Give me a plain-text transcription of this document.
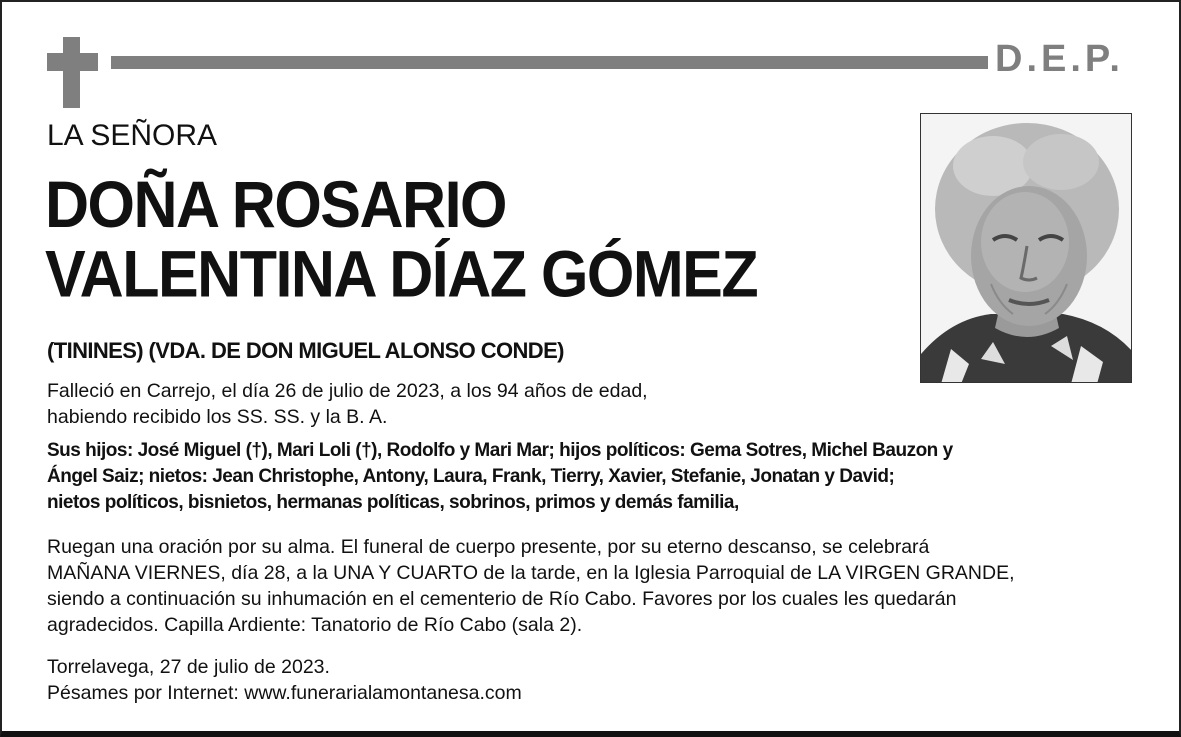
D.E.P.
LA SEÑORA
DOÑA ROSARIO
VALENTINA DÍAZ GÓMEZ
(TININES) (VDA. DE DON MIGUEL ALONSO CONDE)
Falleció en Carrejo, el día 26 de julio de 2023, a los 94 años de edad,
habiendo recibido los SS. SS. y la B. A.
Sus hijos: José Miguel (†), Mari Loli (†), Rodolfo y Mari Mar; hijos políticos: Gema Sotres, Michel Bauzon y
Ángel Saiz; nietos: Jean Christophe, Antony, Laura, Frank, Tierry, Xavier, Stefanie, Jonatan y David;
nietos políticos, bisnietos, hermanas políticas, sobrinos, primos y demás familia,
Ruegan una oración por su alma. El funeral de cuerpo presente, por su eterno descanso, se celebrará
MAÑANA VIERNES, día 28, a la UNA Y CUARTO de la tarde, en la Iglesia Parroquial de LA VIRGEN GRANDE,
siendo a continuación su inhumación en el cementerio de Río Cabo. Favores por los cuales les quedarán
agradecidos. Capilla Ardiente: Tanatorio de Río Cabo (sala 2).
Torrelavega, 27 de julio de 2023.
Pésames por Internet: www.funerarialamontanesa.com
